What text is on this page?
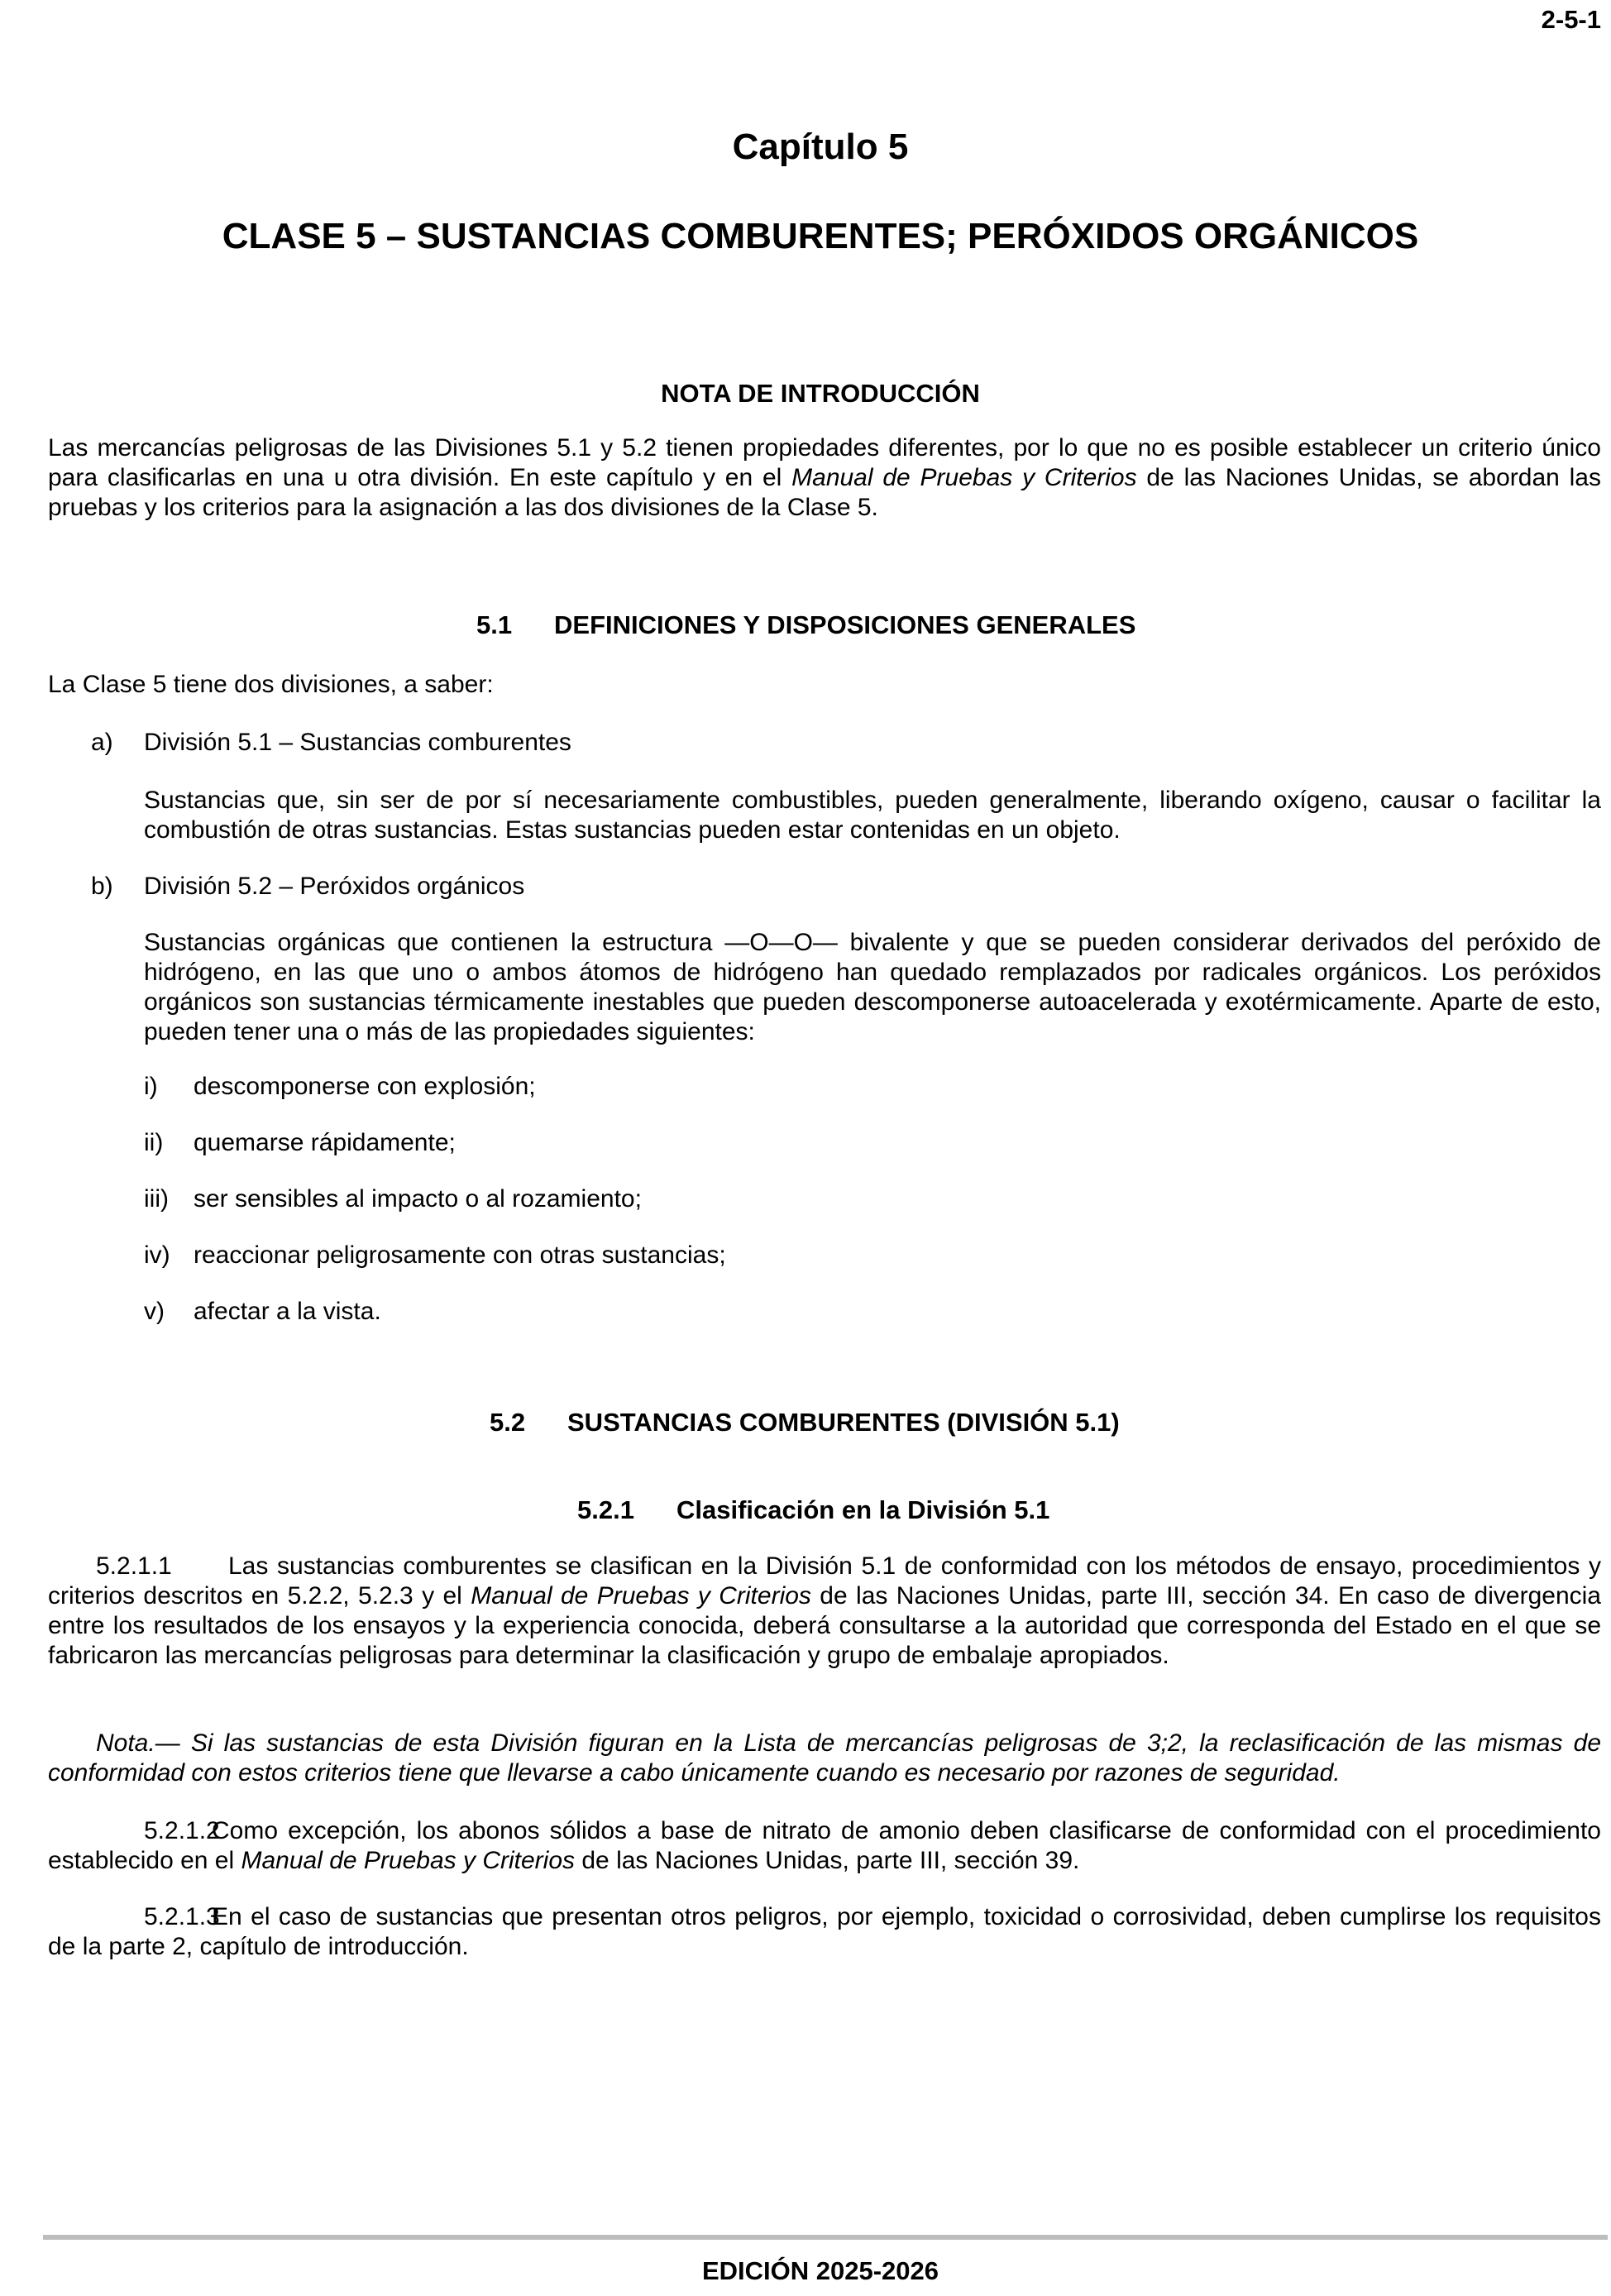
2-5-1
Capítulo 5
CLASE 5 – SUSTANCIAS COMBURENTES; PERÓXIDOS ORGÁNICOS
NOTA DE INTRODUCCIÓN
Las mercancías peligrosas de las Divisiones 5.1 y 5.2 tienen propiedades diferentes, por lo que no es posible establecer un criterio único para clasificarlas en una u otra división. En este capítulo y en el Manual de Pruebas y Criterios de las Naciones Unidas, se abordan las pruebas y los criterios para la asignación a las dos divisiones de la Clase 5.
5.1 DEFINICIONES Y DISPOSICIONES GENERALES
La Clase 5 tiene dos divisiones, a saber:
a) División 5.1 – Sustancias comburentes
Sustancias que, sin ser de por sí necesariamente combustibles, pueden generalmente, liberando oxígeno, causar o facilitar la combustión de otras sustancias. Estas sustancias pueden estar contenidas en un objeto.
b) División 5.2 – Peróxidos orgánicos
Sustancias orgánicas que contienen la estructura —O—O— bivalente y que se pueden considerar derivados del peróxido de hidrógeno, en las que uno o ambos átomos de hidrógeno han quedado remplazados por radicales orgánicos. Los peróxidos orgánicos son sustancias térmicamente inestables que pueden descomponerse autoacelerada y exotérmicamente. Aparte de esto, pueden tener una o más de las propiedades siguientes:
i) descomponerse con explosión;
ii) quemarse rápidamente;
iii) ser sensibles al impacto o al rozamiento;
iv) reaccionar peligrosamente con otras sustancias;
v) afectar a la vista.
5.2 SUSTANCIAS COMBURENTES (DIVISIÓN 5.1)
5.2.1 Clasificación en la División 5.1
5.2.1.1 Las sustancias comburentes se clasifican en la División 5.1 de conformidad con los métodos de ensayo, procedimientos y criterios descritos en 5.2.2, 5.2.3 y el Manual de Pruebas y Criterios de las Naciones Unidas, parte III, sección 34. En caso de divergencia entre los resultados de los ensayos y la experiencia conocida, deberá consultarse a la autoridad que corresponda del Estado en el que se fabricaron las mercancías peligrosas para determinar la clasificación y grupo de embalaje apropiados.
Nota.— Si las sustancias de esta División figuran en la Lista de mercancías peligrosas de 3;2, la reclasificación de las mismas de conformidad con estos criterios tiene que llevarse a cabo únicamente cuando es necesario por razones de seguridad.
5.2.1.2Como excepción, los abonos sólidos a base de nitrato de amonio deben clasificarse de conformidad con el procedimiento establecido en el Manual de Pruebas y Criterios de las Naciones Unidas, parte III, sección 39.
5.2.1.3En el caso de sustancias que presentan otros peligros, por ejemplo, toxicidad o corrosividad, deben cumplirse los requisitos de la parte 2, capítulo de introducción.
EDICIÓN 2025-2026
